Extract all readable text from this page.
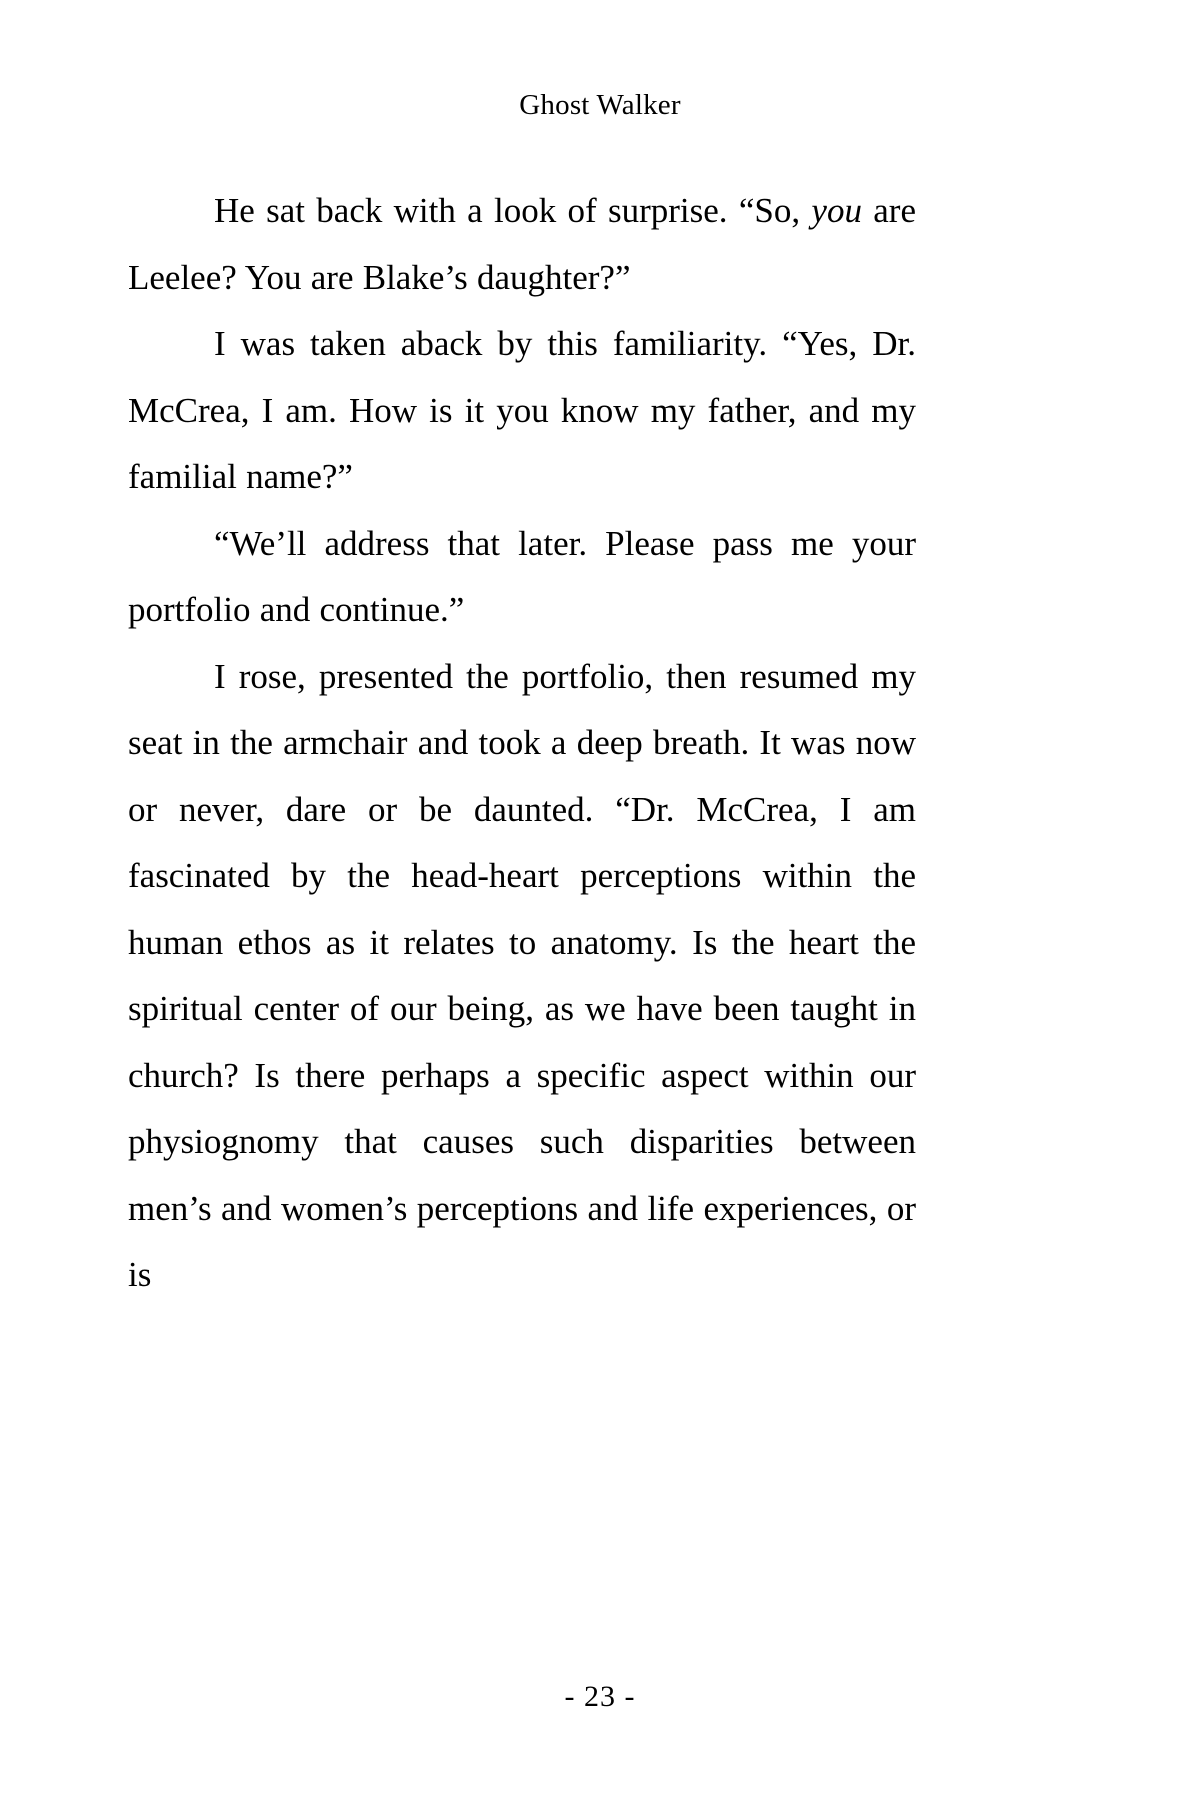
Ghost Walker

He sat back with a look of surprise. “So, you are Leelee? You are Blake’s daughter?”

I was taken aback by this familiarity. “Yes, Dr. McCrea, I am. How is it you know my father, and my familial name?”

“We’ll address that later. Please pass me your portfolio and continue.”

I rose, presented the portfolio, then resumed my seat in the armchair and took a deep breath. It was now or never, dare or be daunted. “Dr. McCrea, I am fascinated by the head-heart perceptions within the human ethos as it relates to anatomy. Is the heart the spiritual center of our being, as we have been taught in church? Is there perhaps a specific aspect within our physiognomy that causes such disparities between men’s and women’s perceptions and life experiences, or is

- 23 -
